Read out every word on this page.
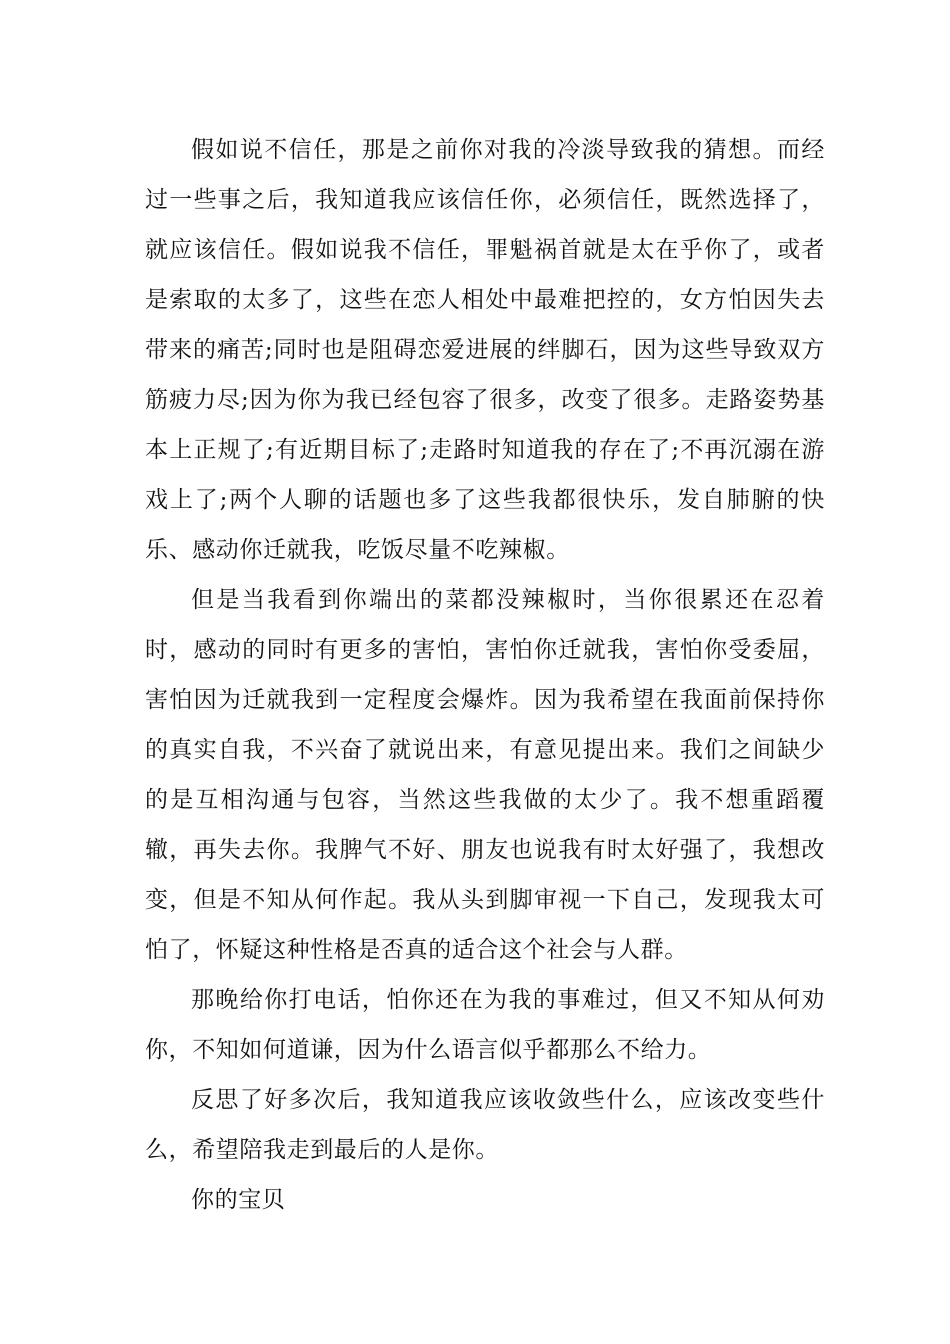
假如说不信任，那是之前你对我的冷淡导致我的猜想。而经过一些事之后，我知道我应该信任你，必须信任，既然选择了，就应该信任。假如说我不信任，罪魁祸首就是太在乎你了，或者是索取的太多了，这些在恋人相处中最难把控的，女方怕因失去带来的痛苦;同时也是阻碍恋爱进展的绊脚石，因为这些导致双方筋疲力尽;因为你为我已经包容了很多，改变了很多。走路姿势基本上正规了;有近期目标了;走路时知道我的存在了;不再沉溺在游戏上了;两个人聊的话题也多了这些我都很快乐，发自肺腑的快乐、感动你迁就我，吃饭尽量不吃辣椒。

但是当我看到你端出的菜都没辣椒时，当你很累还在忍着时，感动的同时有更多的害怕，害怕你迁就我，害怕你受委屈，害怕因为迁就我到一定程度会爆炸。因为我希望在我面前保持你的真实自我，不兴奋了就说出来，有意见提出来。我们之间缺少的是互相沟通与包容，当然这些我做的太少了。我不想重蹈覆辙，再失去你。我脾气不好、朋友也说我有时太好强了，我想改变，但是不知从何作起。我从头到脚审视一下自己，发现我太可怕了，怀疑这种性格是否真的适合这个社会与人群。

那晚给你打电话，怕你还在为我的事难过，但又不知从何劝你，不知如何道谦，因为什么语言似乎都那么不给力。

反思了好多次后，我知道我应该收敛些什么，应该改变些什么，希望陪我走到最后的人是你。

你的宝贝
